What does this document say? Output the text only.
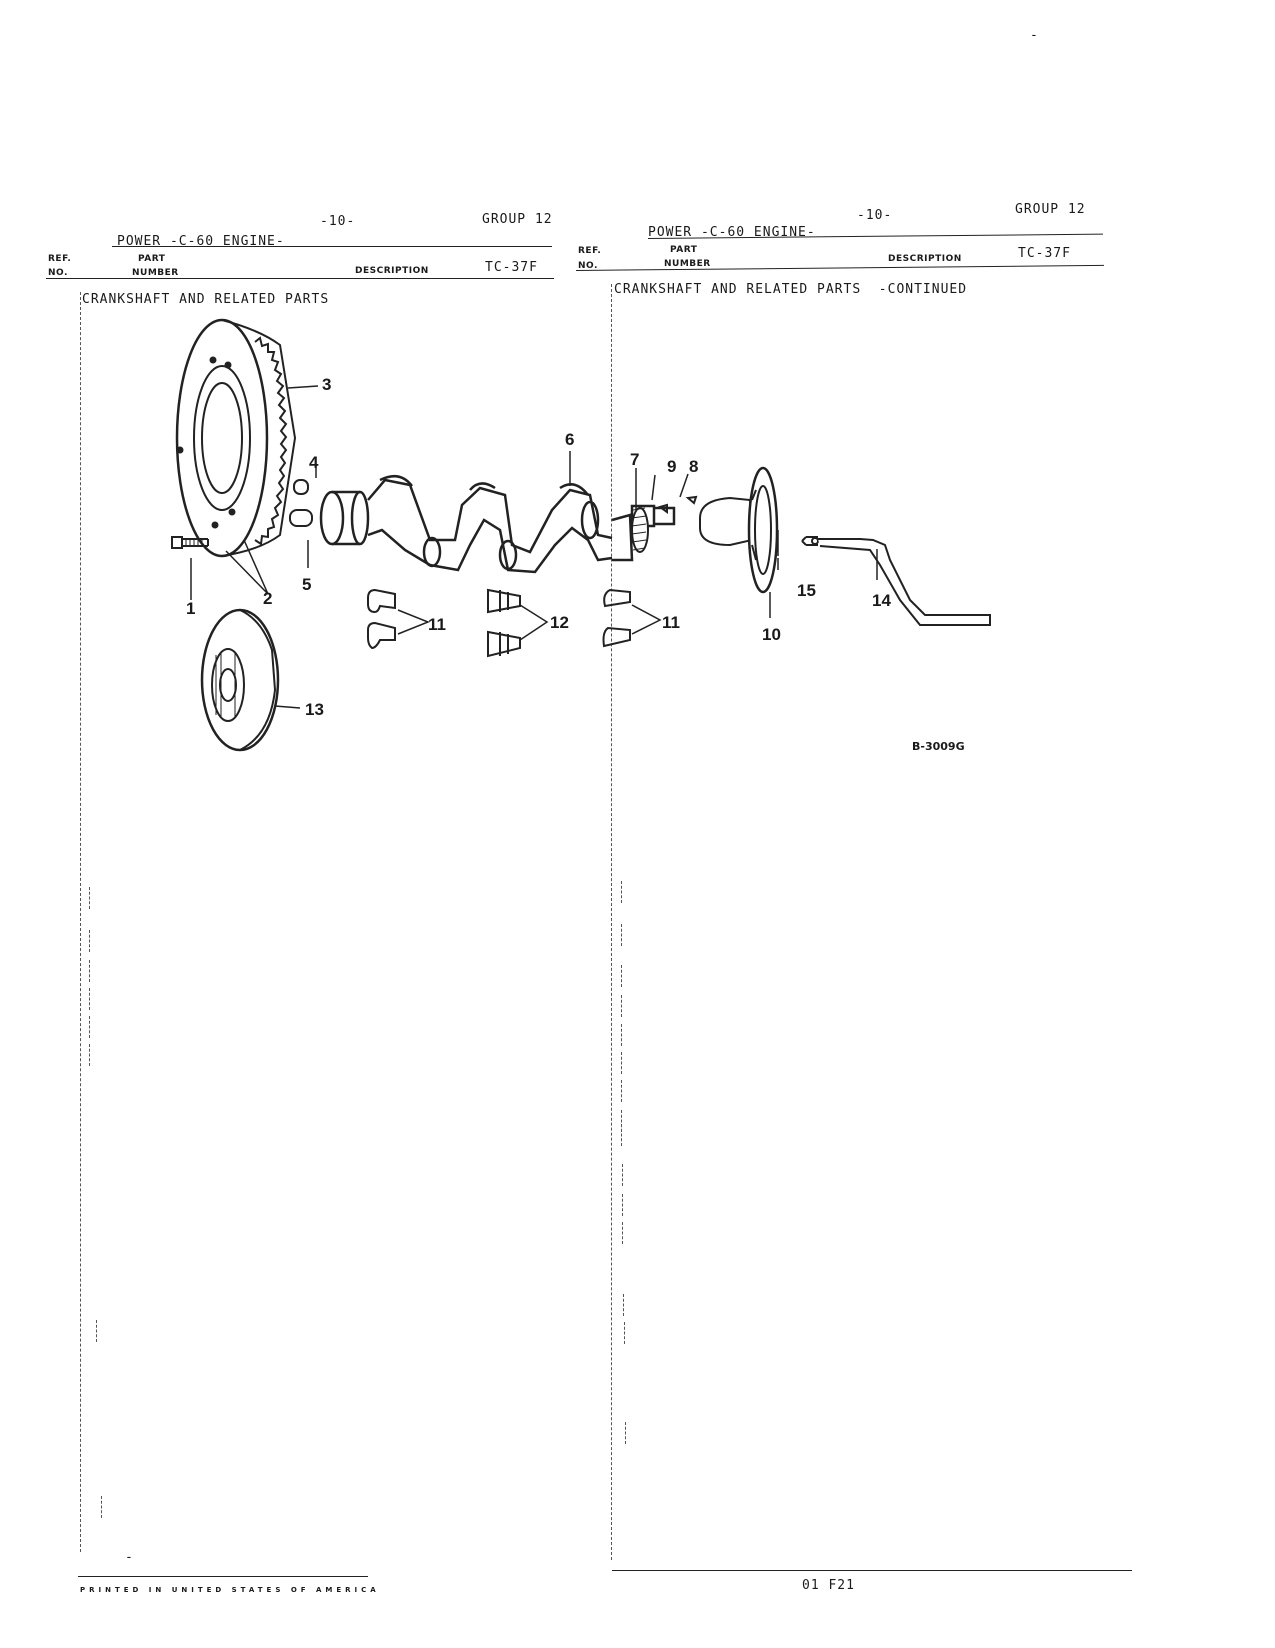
-
-10-	GROUP 12
POWER -C-60 ENGINE-
REF.
NO.
PART
NUMBER	DESCRIPTION	TC-37F
CRANKSHAFT AND RELATED PARTS
-10-	GROUP 12
POWER -C-60 ENGINE-
REF.
NO.
PART
NUMBER	DESCRIPTION	TC-37F
CRANKSHAFT AND RELATED PARTS  -CONTINUED
3
4
5
6
7 9 8
1
2
11	12	11
10
15
14
13
B-3009G
-
PRINTED IN UNITED STATES OF AMERICA	01 F21
